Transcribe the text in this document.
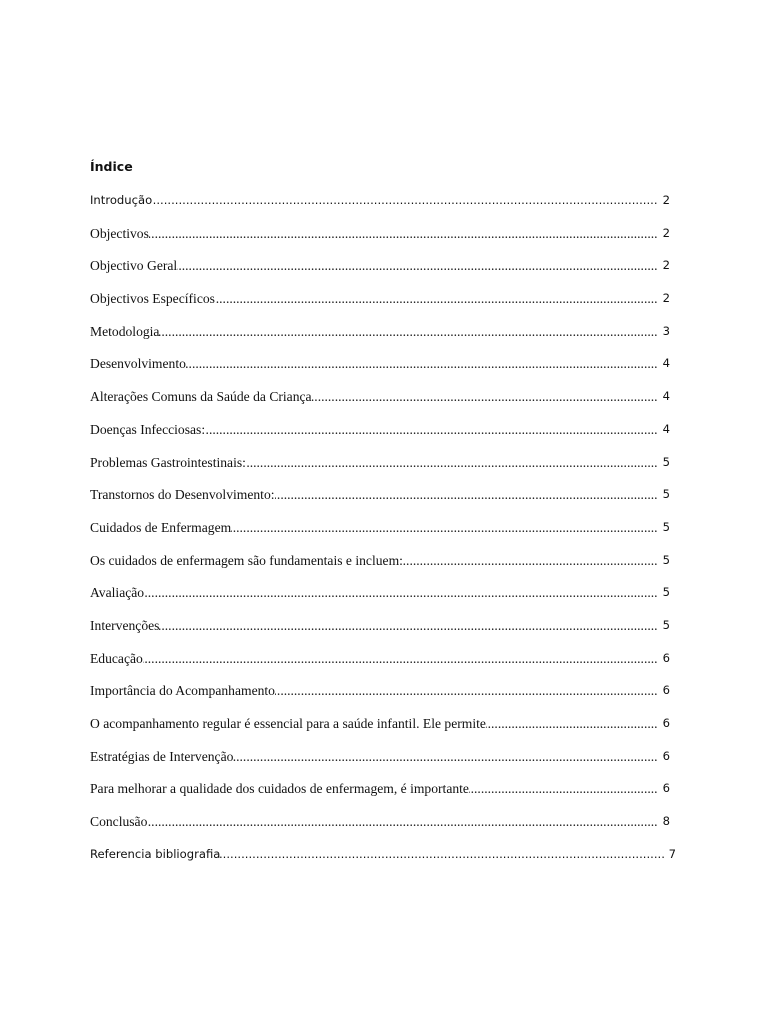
Índice
.....
Introdução	2
.....
Objectivos	2
.....
Objectivo Geral	2
.....
Objectivos Específicos	2
.....
Metodologia	3
.....
Desenvolvimento	4
.....
Alterações Comuns da Saúde da Criança	4
.....
Doenças Infecciosas:	4
.....
Problemas Gastrointestinais:	5
.....
Transtornos do Desenvolvimento:	5
.....
Cuidados de Enfermagem	5
.....
Os cuidados de enfermagem são fundamentais e incluem:	5
.....
Avaliação	5
.....
Intervenções	5
.....
Educação	6
.....
Importância do Acompanhamento	6
.....
O acompanhamento regular é essencial para a saúde infantil. Ele permite	6
.....
Estratégias de Intervenção	6
.....
Para melhorar a qualidade dos cuidados de enfermagem, é importante	6
.....
Conclusão	8
.....
Referencia bibliografia	7
